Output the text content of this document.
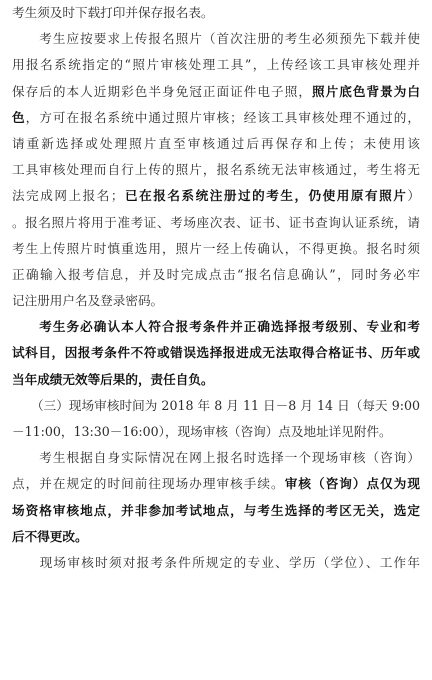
考生须及时下载打印并保存报名表。
　　考生应按要求上传报名照片（首次注册的考生必须预先下载并使
用报名系统指定的“照片审核处理工具”，上传经该工具审核处理并
保存后的本人近期彩色半身免冠正面证件电子照，照片底色背景为白
色，方可在报名系统中通过照片审核；经该工具审核处理不通过的，
请重新选择或处理照片直至审核通过后再保存和上传；未使用该
工具审核处理而自行上传的照片，报名系统无法审核通过，考生将无
法完成网上报名；已在报名系统注册过的考生，仍使用原有照片）
。报名照片将用于准考证、考场座次表、证书、证书查询认证系统，请
考生上传照片时慎重选用，照片一经上传确认，不得更换。报名时须
正确输入报考信息，并及时完成点击“报名信息确认”，同时务必牢
记注册用户名及登录密码。
　　考生务必确认本人符合报考条件并正确选择报考级别、专业和考
试科目，因报考条件不符或错误选择报进成无法取得合格证书、历年或
当年成绩无效等后果的，责任自负。
　　（三）现场审核时间为 2018 年 8 月 11 日－8 月 14 日（每天 9:00
－11:00，13:30－16:00），现场审核（咨询）点及地址详见附件。
　　考生根据自身实际情况在网上报名时选择一个现场审核（咨询）
点，并在规定的时间前往现场办理审核手续。审核（咨询）点仅为现
场资格审核地点，并非参加考试地点，与考生选择的考区无关，选定
后不得更改。
　　现场审核时须对报考条件所规定的专业、学历（学位）、工作年
